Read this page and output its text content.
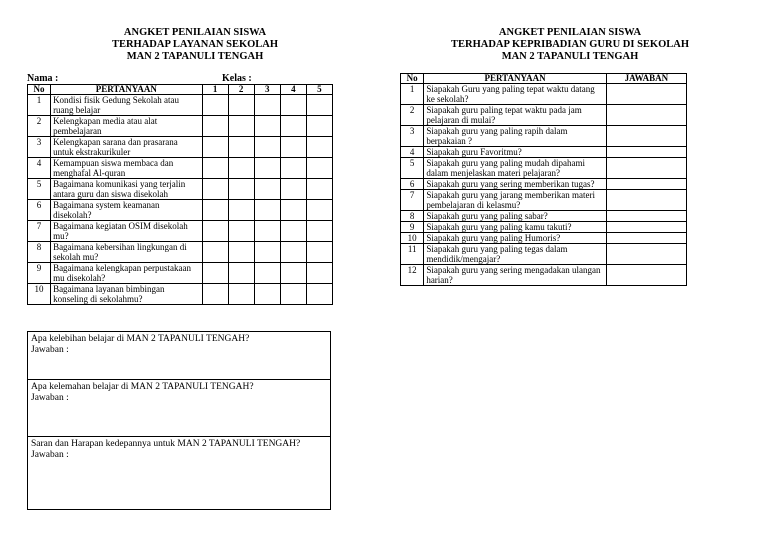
ANGKET PENILAIAN SISWA
TERHADAP LAYANAN SEKOLAH
MAN 2 TAPANULI TENGAH
Nama :	Kelas :
No	PERTANYAAN	1	2	3	4	5
1	Kondisi fisik Gedung Sekolah atau ruang belajar					
2	Kelengkapan media atau alat pembelajaran					
3	Kelengkapan sarana dan prasarana untuk ekstrakurikuler					
4	Kemampuan siswa membaca dan menghafal Al-quran					
5	Bagaimana komunikasi yang terjalin antara guru dan siswa disekolah					
6	Bagaimana system keamanan disekolah?					
7	Bagaimana kegiatan OSIM disekolah mu?					
8	Bagaimana kebersihan lingkungan di sekolah mu?					
9	Bagaimana kelengkapan perpustakaan mu disekolah?					
10	Bagaimana layanan bimbingan konseling di sekolahmu?					
Apa kelebihan belajar di MAN 2 TAPANULI TENGAH?
Jawaban :
Apa kelemahan belajar di MAN 2 TAPANULI TENGAH?
Jawaban :
Saran dan Harapan kedepannya untuk MAN 2 TAPANULI TENGAH?
Jawaban :
ANGKET PENILAIAN SISWA
TERHADAP KEPRIBADIAN GURU DI SEKOLAH
MAN 2 TAPANULI TENGAH
No	PERTANYAAN	JAWABAN
1	Siapakah Guru yang paling tepat waktu datang ke sekolah?	
2	Siapakah guru paling tepat waktu pada jam pelajaran di mulai?	
3	Siapakah guru yang paling rapih dalam berpakaian ?	
4	Siapakah guru Favoritmu?	
5	Siapakah guru yang paling mudah dipahami dalam menjelaskan materi pelajaran?	
6	Siapakah guru yang sering memberikan tugas?	
7	Siapakah guru yang jarang memberikan materi pembelajaran di kelasmu?	
8	Siapakah guru yang paling sabar?	
9	Siapakah guru yang paling kamu takuti?	
10	Siapakah guru yang paling Humoris?	
11	Siapakah guru yang paling tegas dalam mendidik/mengajar?	
12	Siapakah guru yang sering mengadakan ulangan harian?	
